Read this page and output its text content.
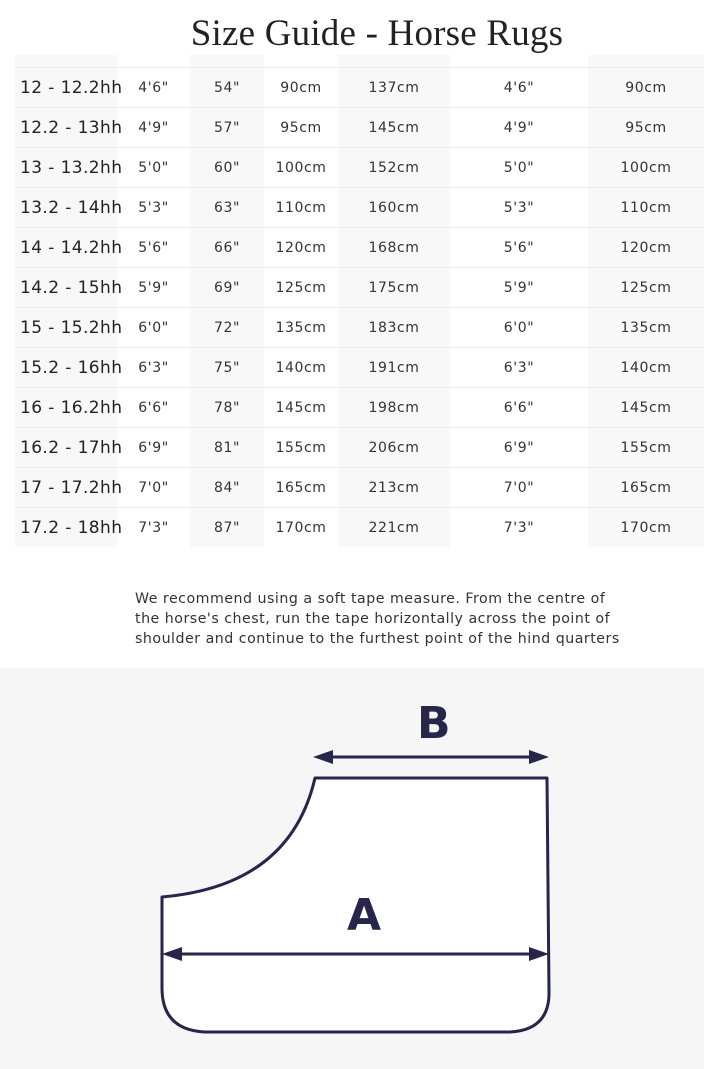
Size Guide - Horse Rugs

12 - 12.2hh	4'6"	54"	90cm	137cm	4'6"	90cm
12.2 - 13hh	4'9"	57"	95cm	145cm	4'9"	95cm
13 - 13.2hh	5'0"	60"	100cm	152cm	5'0"	100cm
13.2 - 14hh	5'3"	63"	110cm	160cm	5'3"	110cm
14 - 14.2hh	5'6"	66"	120cm	168cm	5'6"	120cm
14.2 - 15hh	5'9"	69"	125cm	175cm	5'9"	125cm
15 - 15.2hh	6'0"	72"	135cm	183cm	6'0"	135cm
15.2 - 16hh	6'3"	75"	140cm	191cm	6'3"	140cm
16 - 16.2hh	6'6"	78"	145cm	198cm	6'6"	145cm
16.2 - 17hh	6'9"	81"	155cm	206cm	6'9"	155cm
17 - 17.2hh	7'0"	84"	165cm	213cm	7'0"	165cm
17.2 - 18hh	7'3"	87"	170cm	221cm	7'3"	170cm

We recommend using a soft tape measure. From the centre of the horse's chest, run the tape horizontally across the point of shoulder and continue to the furthest point of the hind quarters

B
A
